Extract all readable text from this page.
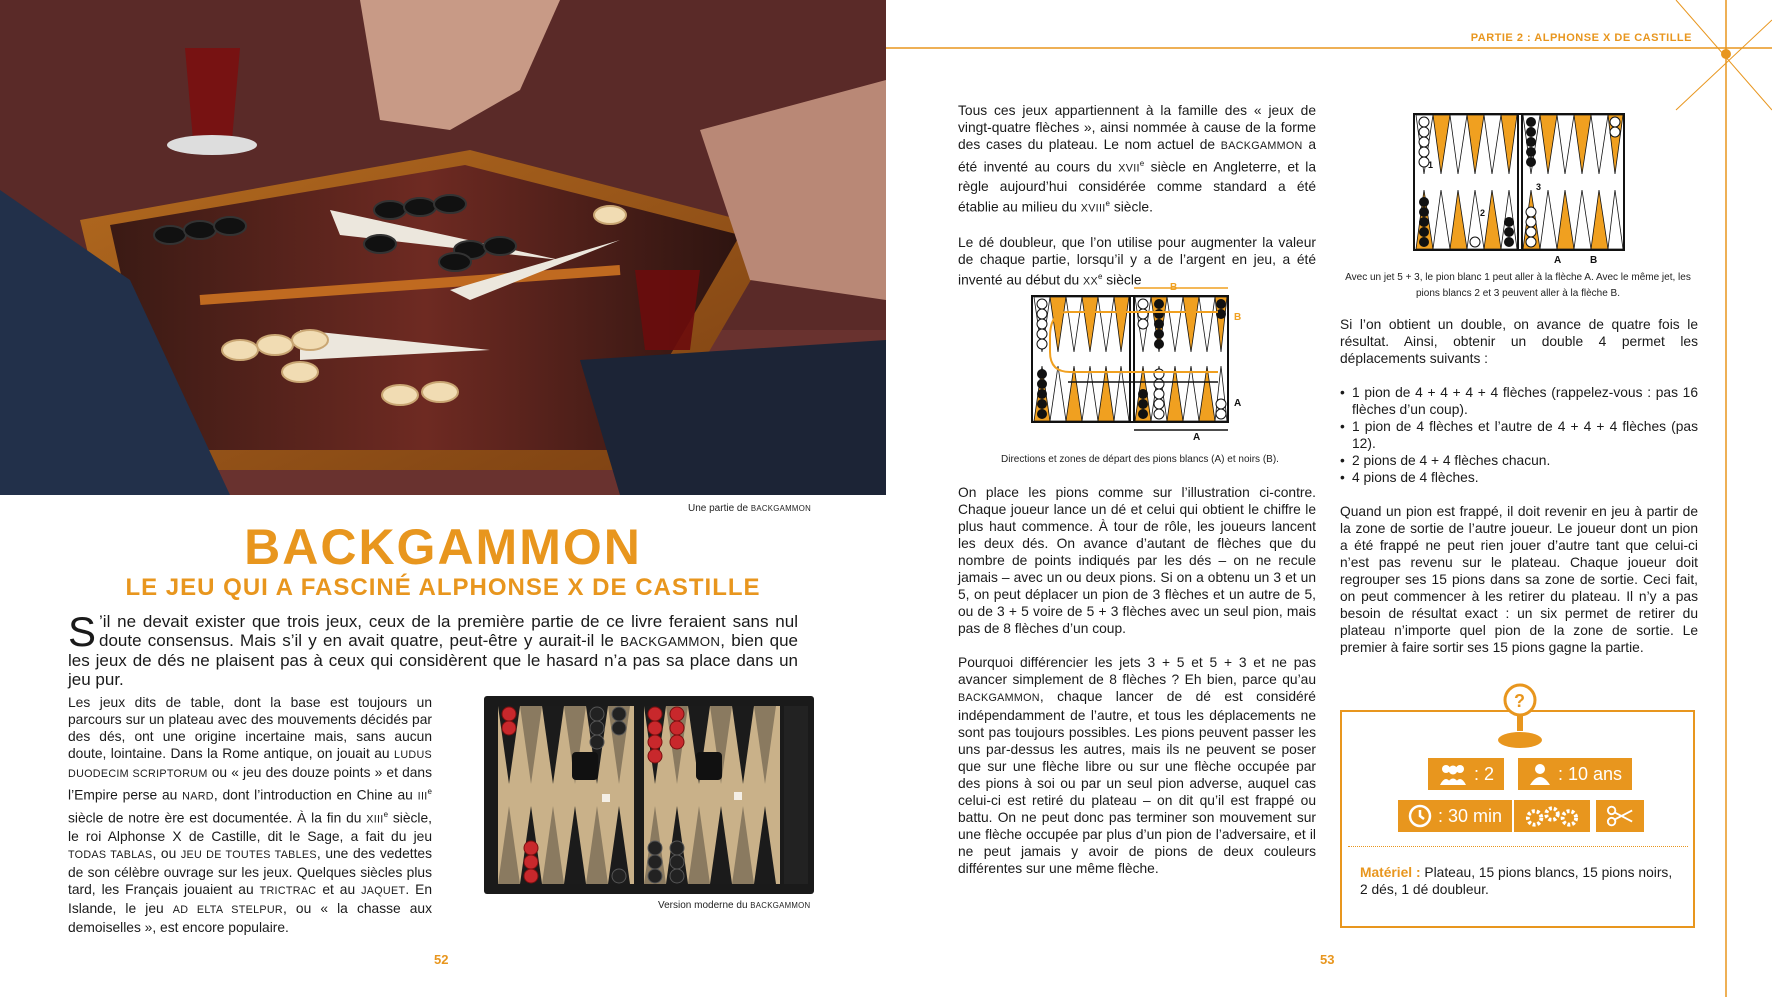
Une partie de BACKGAMMON
BACKGAMMON
LE JEU QUI A FASCINÉ ALPHONSE X DE CASTILLE
S ’il ne devait exister que trois jeux, ceux de la première partie de ce livre feraient sans nul doute consensus. Mais s’il y en avait quatre, peut-être y aurait-il le BACKGAMMON, bien que les jeux de dés ne plaisent pas à ceux qui considèrent que le hasard n’a pas sa place dans un jeu pur.
Les jeux dits de table, dont la base est toujours un parcours sur un plateau avec des mouvements décidés par des dés, ont une origine incertaine mais, sans aucun doute, lointaine. Dans la Rome antique, on jouait au LUDUS DUODECIM SCRIPTORUM ou « jeu des douze points » et dans l’Empire perse au NARD, dont l’introduction en Chine au IIIe siècle de notre ère est documentée. À la fin du XIIIe siècle, le roi Alphonse X de Castille, dit le Sage, a fait du jeu TODAS TABLAS, ou JEU DE TOUTES TABLES, une des vedettes de son célèbre ouvrage sur les jeux. Quelques siècles plus tard, les Français jouaient au TRICTRAC et au JAQUET. En Islande, le jeu AD ELTA STELPUR, ou « la chasse aux demoiselles », est encore populaire.
Version moderne du BACKGAMMON
52
PARTIE 2 : ALPHONSE X DE CASTILLE

Tous ces jeux appartiennent à la famille des « jeux de vingt-quatre flèches », ainsi nommée à cause de la forme des cases du plateau. Le nom actuel de BACKGAMMON a été inventé au cours du XVIIe siècle en Angleterre, et la règle aujourd’hui considérée comme standard a été établie au milieu du XVIIIe siècle.

Le dé doubleur, que l’on utilise pour augmenter la valeur de chaque partie, lorsqu’il y a de l’argent en jeu, a été inventé au début du XXe siècle	B
B
A
A
Directions et zones de départ des pions blancs (A) et noirs (B).

On place les pions comme sur l’illustration ci-contre. Chaque joueur lance un dé et celui qui obtient le chiffre le plus haut commence. À tour de rôle, les joueurs lancent les deux dés. On avance d’autant de flèches que du nombre de points indiqués par les dés – on ne recule jamais – avec un ou deux pions. Si on a obtenu un 3 et un 5, on peut déplacer un pion de 3 flèches et un autre de 5, ou de 3 + 5 voire de 5 + 3 flèches avec un seul pion, mais pas de 8 flèches d’un coup.

Pourquoi différencier les jets 3 + 5 et 5 + 3 et ne pas avancer simplement de 8 flèches ? Eh bien, parce qu’au BACKGAMMON, chaque lancer de dé est considéré indépendamment de l’autre, et tous les déplacements ne sont pas toujours possibles. Les pions peuvent passer les uns par-dessus les autres, mais ils ne peuvent se poser que sur une flèche libre ou sur une flèche occupée par des pions à soi ou par un seul pion adverse, auquel cas celui-ci est retiré du plateau – on dit qu’il est frappé ou battu. On ne peut donc pas terminer son mouvement sur une flèche occupée par plus d’un pion de l’adversaire, et il ne peut jamais y avoir de pions de deux couleurs différentes sur une même flèche.

1
2
3
A	B
Avec un jet 5 + 3, le pion blanc 1 peut aller à la flèche A. Avec le même jet, les pions blancs 2 et 3 peuvent aller à la flèche B.

Si l’on obtient un double, on avance de quatre fois le résultat. Ainsi, obtenir un double 4 permet les déplacements suivants :

• 1 pion de 4 + 4 + 4 + 4 flèches (rappelez-vous : pas 16 flèches d’un coup).
• 1 pion de 4 flèches et l’autre de 4 + 4 + 4 flèches (pas 12).
• 2 pions de 4 + 4 flèches chacun.
• 4 pions de 4 flèches.

Quand un pion est frappé, il doit revenir en jeu à partir de la zone de sortie de l’autre joueur. Le joueur dont un pion a été frappé ne peut rien jouer d’autre tant que celui-ci n’est pas revenu sur le plateau. Chaque joueur doit regrouper ses 15 pions dans sa zone de sortie. Ceci fait, on peut commencer à les retirer du plateau. Il n’y a pas besoin de résultat exact : un six permet de retirer du plateau n’importe quel pion de la zone de sortie. Le premier à faire sortir ses 15 pions gagne la partie.

?
: 2	: 10 ans
: 30 min
Matériel : Plateau, 15 pions blancs, 15 pions noirs, 2 dés, 1 dé doubleur.
53
